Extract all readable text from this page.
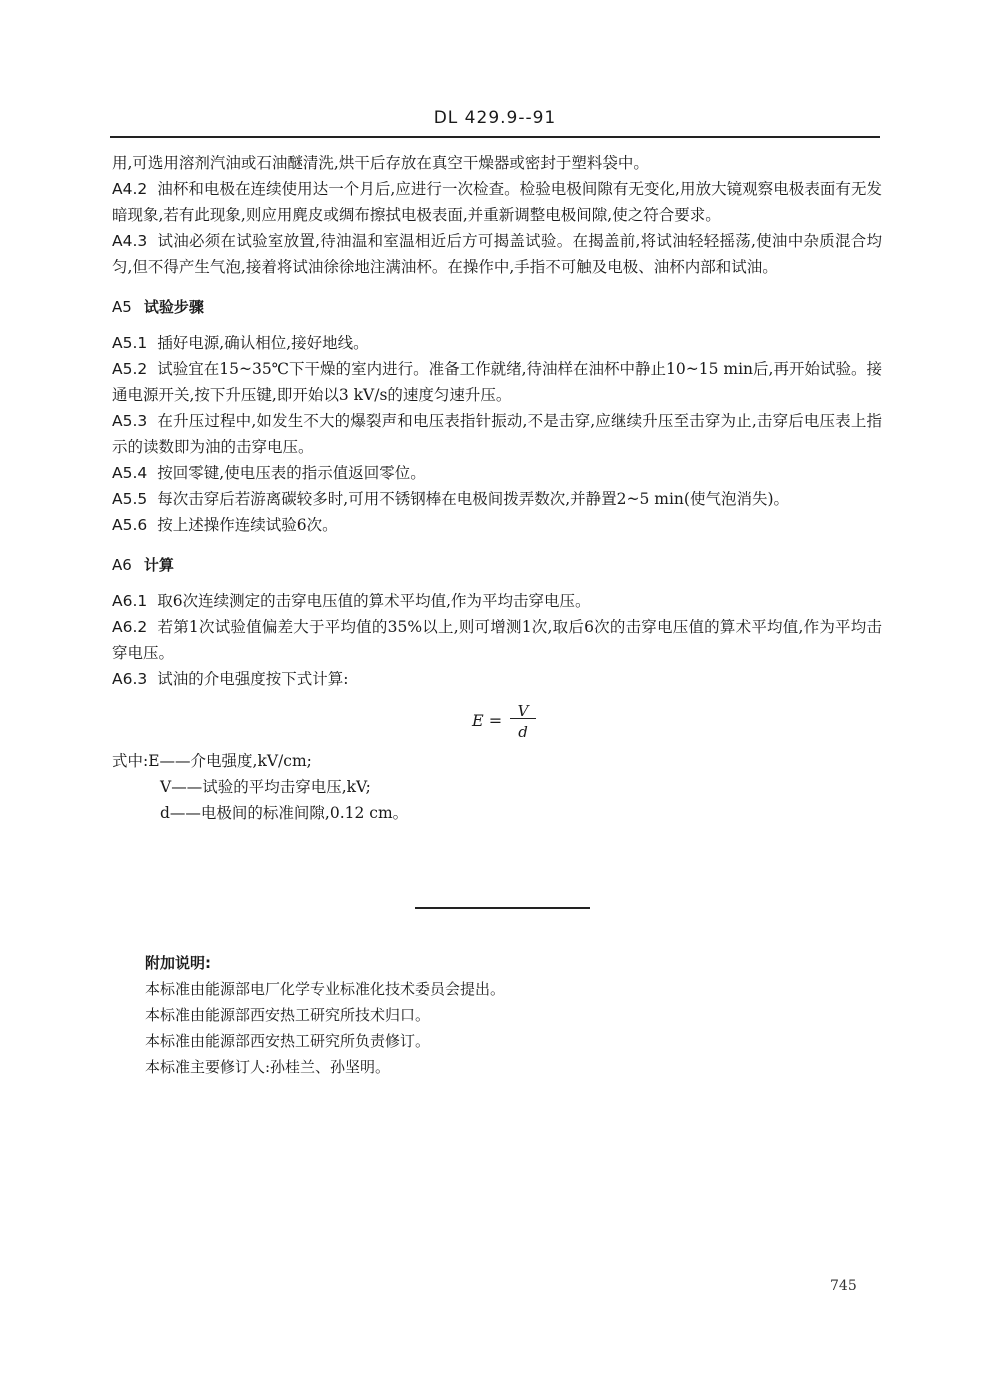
DL 429.9--91

用,可选用溶剂汽油或石油醚清洗,烘干后存放在真空干燥器或密封于塑料袋中。

A4.2 油杯和电极在连续使用达一个月后,应进行一次检查。检验电极间隙有无变化,用放大镜观察电极表面有无发暗现象,若有此现象,则应用麂皮或绸布擦拭电极表面,并重新调整电极间隙,使之符合要求。

A4.3 试油必须在试验室放置,待油温和室温相近后方可揭盖试验。在揭盖前,将试油轻轻摇荡,使油中杂质混合均匀,但不得产生气泡,接着将试油徐徐地注满油杯。在操作中,手指不可触及电极、油杯内部和试油。

A5 试验步骤

A5.1 插好电源,确认相位,接好地线。

A5.2 试验宜在15~35℃下干燥的室内进行。准备工作就绪,待油样在油杯中静止10~15 min后,再开始试验。接通电源开关,按下升压键,即开始以3 kV/s的速度匀速升压。

A5.3 在升压过程中,如发生不大的爆裂声和电压表指针振动,不是击穿,应继续升压至击穿为止,击穿后电压表上指示的读数即为油的击穿电压。

A5.4 按回零键,使电压表的指示值返回零位。

A5.5 每次击穿后若游离碳较多时,可用不锈钢棒在电极间拨弄数次,并静置2~5 min(使气泡消失)。

A5.6 按上述操作连续试验6次。

A6 计算

A6.1 取6次连续测定的击穿电压值的算术平均值,作为平均击穿电压。

A6.2 若第1次试验值偏差大于平均值的35%以上,则可增测1次,取后6次的击穿电压值的算术平均值,作为平均击穿电压。

A6.3 试油的介电强度按下式计算:

$E = \frac{V}{d}$

式中:E——介电强度,kV/cm;

V——试验的平均击穿电压,kV;

d——电极间的标准间隙,0.12 cm。

附加说明:
本标准由能源部电厂化学专业标准化技术委员会提出。
本标准由能源部西安热工研究所技术归口。
本标准由能源部西安热工研究所负责修订。
本标准主要修订人:孙桂兰、孙坚明。
745
